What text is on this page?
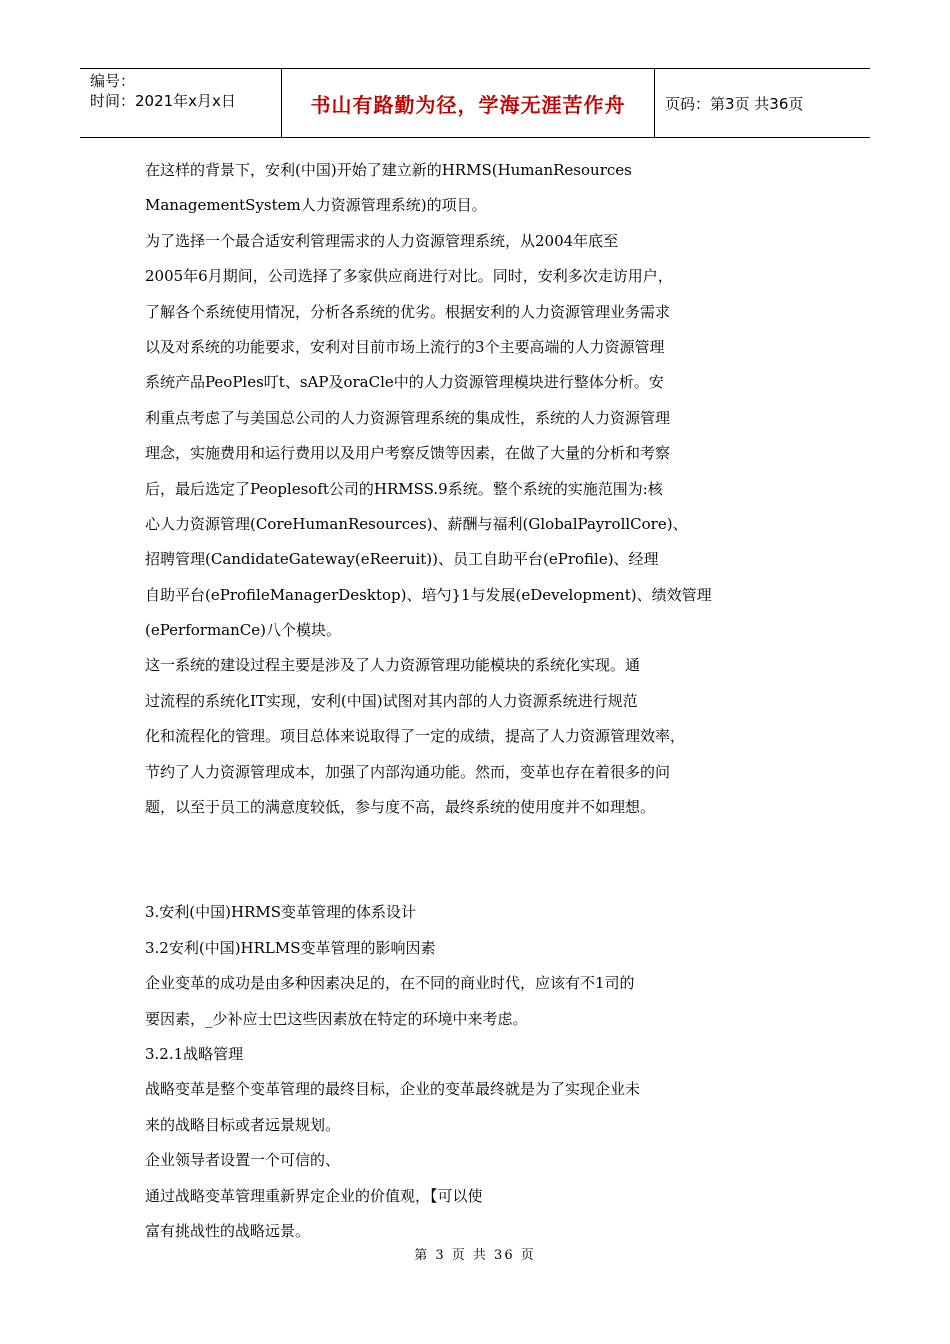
编号：
时间：2021年x月x日	书山有路勤为径，学海无涯苦作舟	页码：第3页 共36页
在这样的背景下，安利(中国)开始了建立新的HRMS(HumanResources
ManagementSystem人力资源管理系统)的项目。
为了选择一个最合适安利管理需求的人力资源管理系统，从2004年底至
2005年6月期间，公司选择了多家供应商进行对比。同时，安利多次走访用户，
了解各个系统使用情况，分析各系统的优劣。根据安利的人力资源管理业务需求
以及对系统的功能要求，安利对目前市场上流行的3个主要高端的人力资源管理
系统产品PeoPles叮t、sAP及oraCle中的人力资源管理模块进行整体分析。安
利重点考虑了与美国总公司的人力资源管理系统的集成性，系统的人力资源管理
理念，实施费用和运行费用以及用户考察反馈等因素，在做了大量的分析和考察
后，最后选定了Peoplesoft公司的HRMSS.9系统。整个系统的实施范围为:核
心人力资源管理(CoreHumanResources)、薪酬与福利(GlobalPayrollCore)、
招聘管理(CandidateGateway(eReeruit))、员工自助平台(eProfile)、经理
自助平台(eProfileManagerDesktop)、培勺}1与发展(eDevelopment)、绩效管理
(ePerformanCe)八个模块。
这一系统的建设过程主要是涉及了人力资源管理功能模块的系统化实现。通
过流程的系统化IT实现，安利(中国)试图对其内部的人力资源系统进行规范
化和流程化的管理。项目总体来说取得了一定的成绩，提高了人力资源管理效率，
节约了人力资源管理成本，加强了内部沟通功能。然而，变革也存在着很多的问
题，以至于员工的满意度较低，参与度不高，最终系统的使用度并不如理想。
3.安利(中国)HRMS变革管理的体系设计
3.2安利(中国)HRLMS变革管理的影响因素
企业变革的成功是由多种因素决足的，在不同的商业时代，应该有不1司的
要因素，_少补应士巴这些因素放在特定的环境中来考虑。
3.2.1战略管理
战略变革是整个变革管理的最终目标，企业的变革最终就是为了实现企业未
来的战略目标或者远景规划。
企业领导者设置一个可信的、
通过战略变革管理重新界定企业的价值观，【可以使
富有挑战性的战略远景。
第 3 页 共 36 页
